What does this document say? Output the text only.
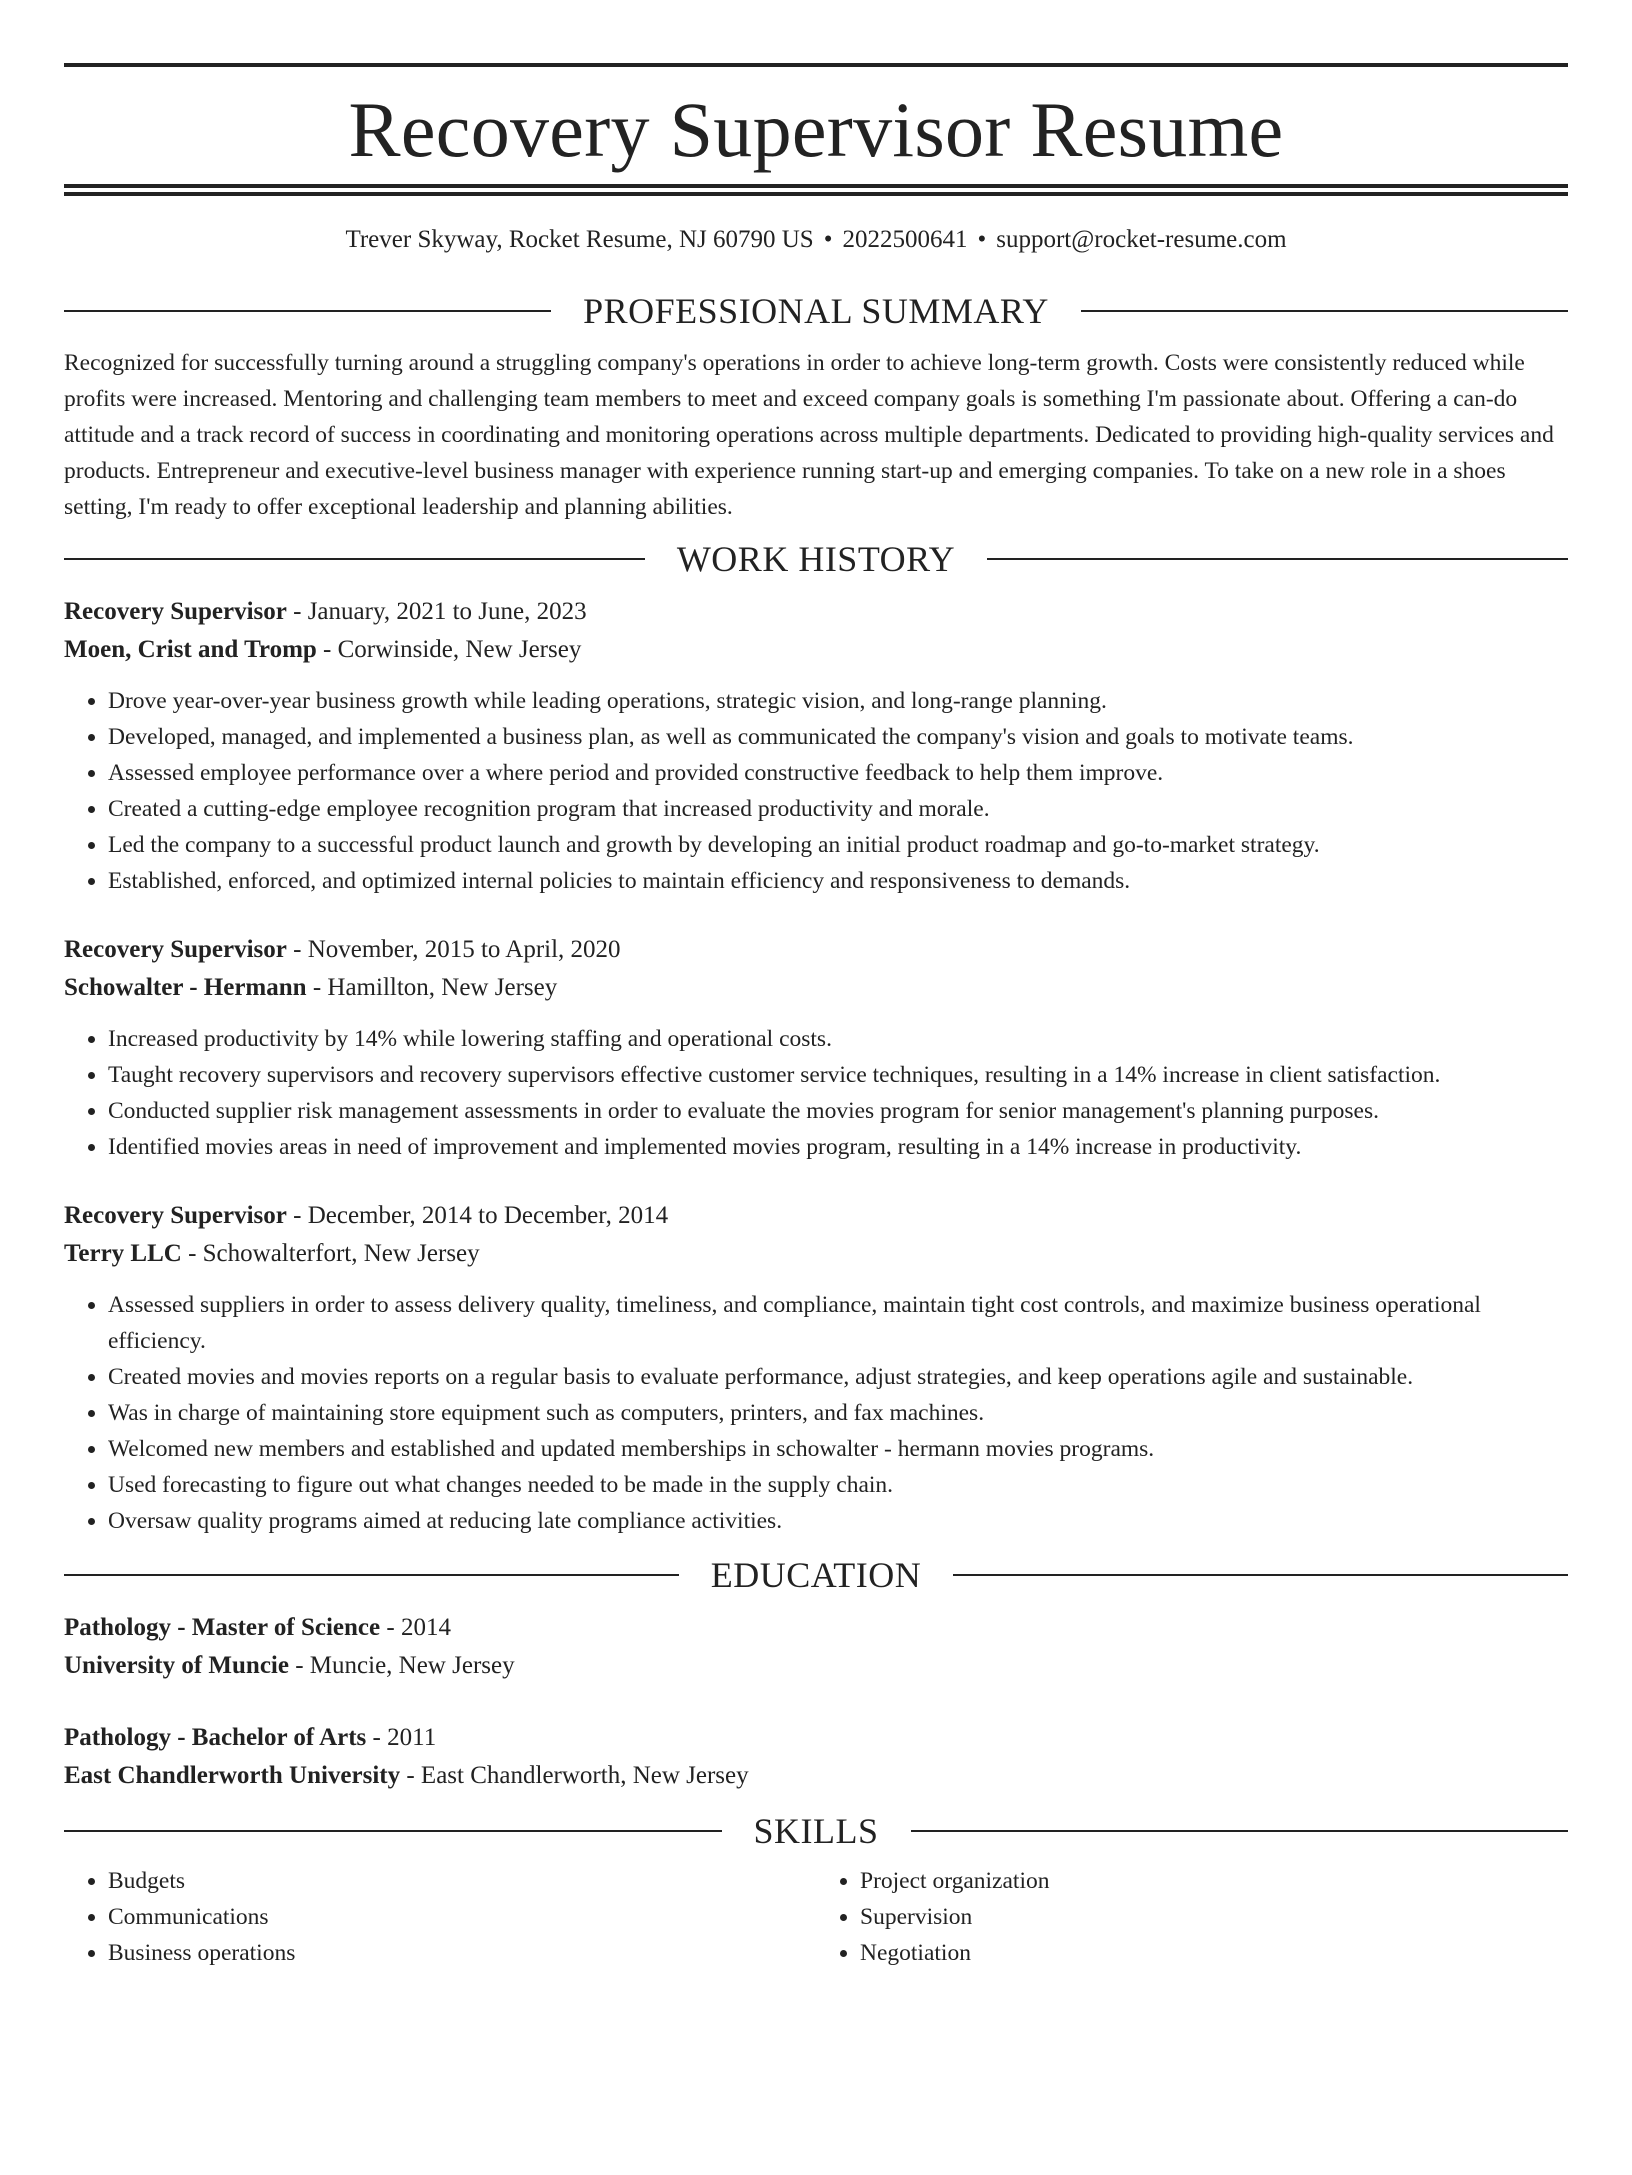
Recovery Supervisor Resume
Trever Skyway, Rocket Resume, NJ 60790 US • 2022500641 • support@rocket-resume.com
PROFESSIONAL SUMMARY

Recognized for successfully turning around a struggling company's operations in order to achieve long-term growth. Costs were consistently reduced while profits were increased. Mentoring and challenging team members to meet and exceed company goals is something I'm passionate about. Offering a can-do attitude and a track record of success in coordinating and monitoring operations across multiple departments. Dedicated to providing high-quality services and products. Entrepreneur and executive-level business manager with experience running start-up and emerging companies. To take on a new role in a shoes setting, I'm ready to offer exceptional leadership and planning abilities.

WORK HISTORY

Recovery Supervisor - January, 2021 to June, 2023

Moen, Crist and Tromp - Corwinside, New Jersey

• Drove year-over-year business growth while leading operations, strategic vision, and long-range planning.
• Developed, managed, and implemented a business plan, as well as communicated the company's vision and goals to motivate teams.
• Assessed employee performance over a where period and provided constructive feedback to help them improve.
• Created a cutting-edge employee recognition program that increased productivity and morale.
• Led the company to a successful product launch and growth by developing an initial product roadmap and go-to-market strategy.
• Established, enforced, and optimized internal policies to maintain efficiency and responsiveness to demands.

Recovery Supervisor - November, 2015 to April, 2020

Schowalter - Hermann - Hamillton, New Jersey

• Increased productivity by 14% while lowering staffing and operational costs.
• Taught recovery supervisors and recovery supervisors effective customer service techniques, resulting in a 14% increase in client satisfaction.
• Conducted supplier risk management assessments in order to evaluate the movies program for senior management's planning purposes.
• Identified movies areas in need of improvement and implemented movies program, resulting in a 14% increase in productivity.

Recovery Supervisor - December, 2014 to December, 2014

Terry LLC - Schowalterfort, New Jersey

• Assessed suppliers in order to assess delivery quality, timeliness, and compliance, maintain tight cost controls, and maximize business operational efficiency.
• Created movies and movies reports on a regular basis to evaluate performance, adjust strategies, and keep operations agile and sustainable.
• Was in charge of maintaining store equipment such as computers, printers, and fax machines.
• Welcomed new members and established and updated memberships in schowalter - hermann movies programs.
• Used forecasting to figure out what changes needed to be made in the supply chain.
• Oversaw quality programs aimed at reducing late compliance activities.
EDUCATION

Pathology - Master of Science - 2014

University of Muncie - Muncie, New Jersey

Pathology - Bachelor of Arts - 2011

East Chandlerworth University - East Chandlerworth, New Jersey

SKILLS
• Budgets
• Communications
• Business operations
• Project organization
• Supervision
• Negotiation
